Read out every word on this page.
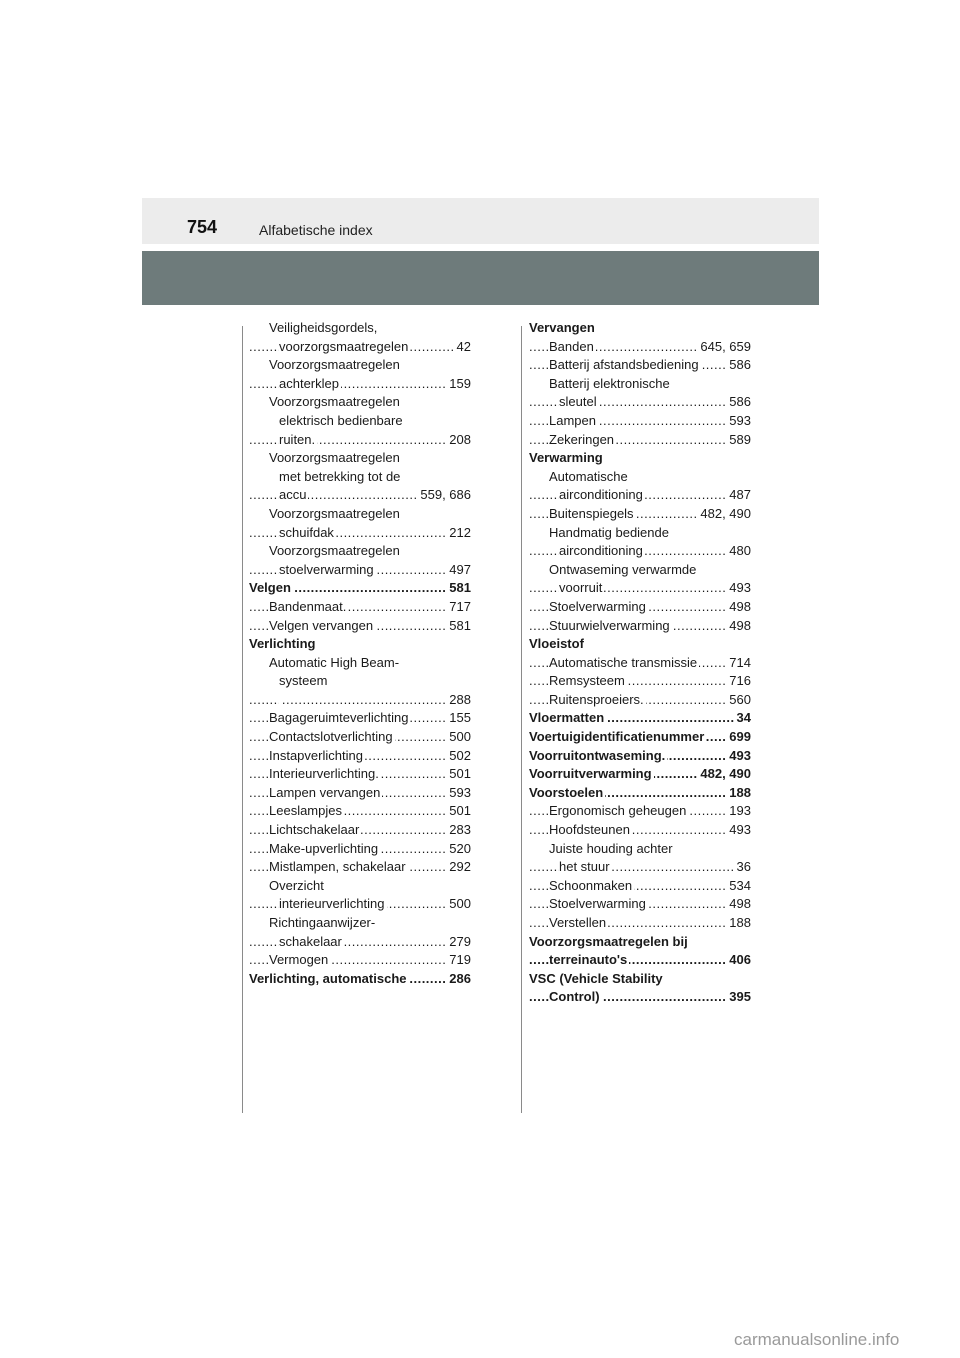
754	Alfabetische index
Veiligheidsgordels,
..... voorzorgsmaatregelen	42
Voorzorgsmaatregelen
..... achterklep	159
Voorzorgsmaatregelen
elektrisch bedienbare
..... ruiten.	208
Voorzorgsmaatregelen
met betrekking tot de
..... accu	559, 686
Voorzorgsmaatregelen
..... schuifdak	212
Voorzorgsmaatregelen
..... stoelverwarming	497
..... Velgen	581
..... Bandenmaat.	717
..... Velgen vervangen	581
Verlichting
Automatic High Beam-
systeem
..... 288
..... Bagageruimteverlichting	155
..... Contactslotverlichting	500
..... Instapverlichting	502
..... Interieurverlichting.	501
..... Lampen vervangen	593
..... Leeslampjes	501
..... Lichtschakelaar	283
..... Make-upverlichting	520
..... Mistlampen, schakelaar	292
Overzicht
..... interieurverlichting	500
Richtingaanwijzer-
..... schakelaar	279
..... Vermogen	719
..... Verlichting, automatische	286
Vervangen
..... Banden	645, 659
..... Batterij afstandsbediening 586
Batterij elektronische
..... sleutel	586
..... Lampen	593
..... Zekeringen	589
Verwarming
Automatische
..... airconditioning	487
..... Buitenspiegels	482, 490
Handmatig bediende
..... airconditioning	480
Ontwaseming verwarmde
..... voorruit	493
..... Stoelverwarming	498
..... Stuurwielverwarming	498
Vloeistof
..... Automatische transmissie 714
..... Remsysteem	716
..... Ruitensproeiers.	560
..... Vloermatten	34
..... Voertuigidentificatienummer 699
..... Voorruitontwaseming.	493
..... Voorruitverwarming	482, 490
..... Voorstoelen	188
..... Ergonomisch geheugen	193
..... Hoofdsteunen	493
Juiste houding achter
..... het stuur	36
..... Schoonmaken	534
..... Stoelverwarming	498
..... Verstellen	188
Voorzorgsmaatregelen bij
..... terreinauto's	406
VSC (Vehicle Stability
..... Control)	395
carmanualsonline.info
